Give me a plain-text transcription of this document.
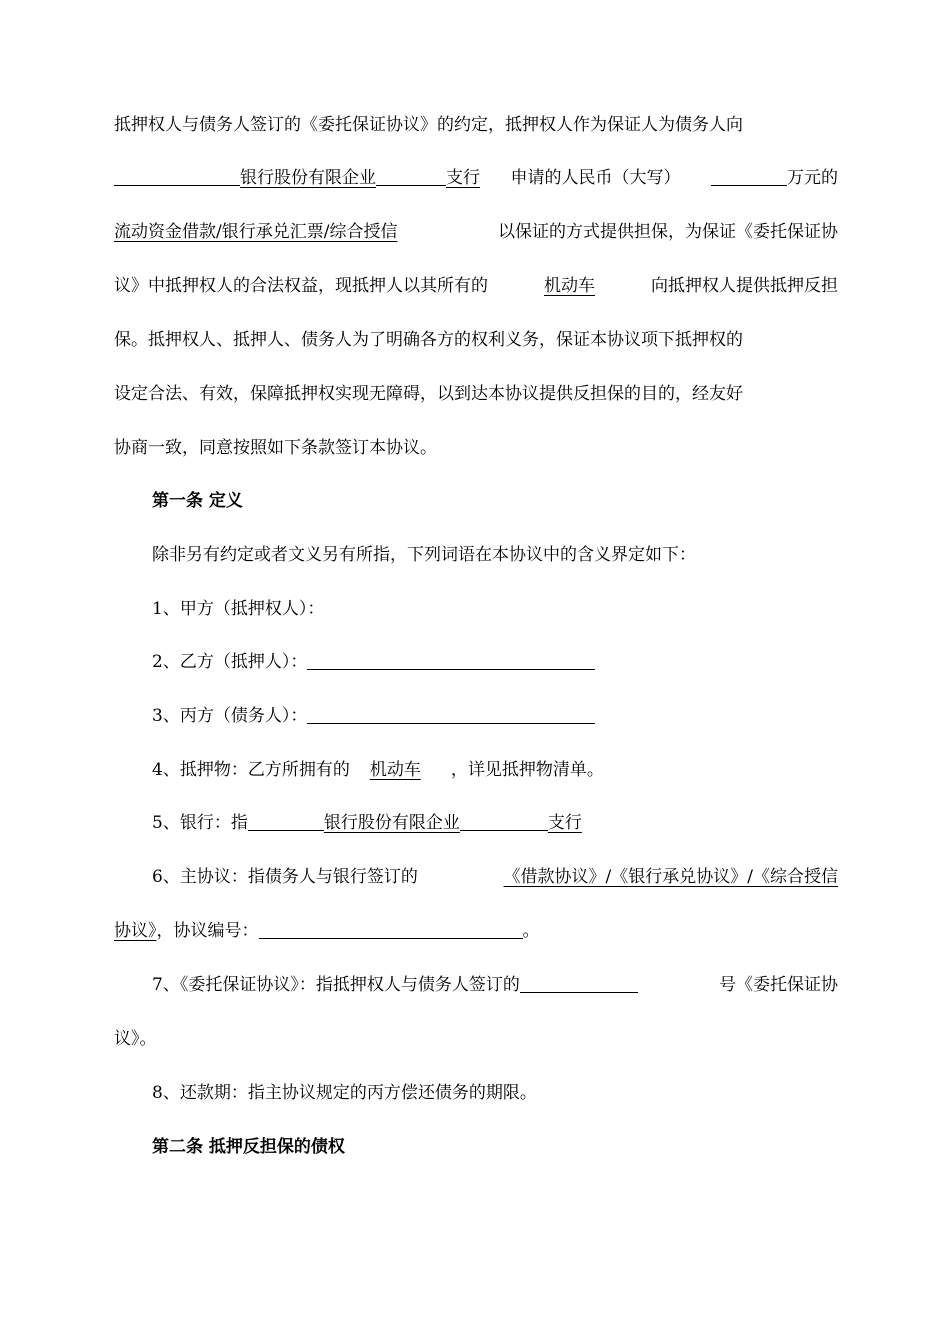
抵押权人与债务人签订的《委托保证协议》的约定，抵押权人作为保证人为债务人向
银行股份有限企业	支行 申请的人民币（大写）	万元的
流动资金借款/银行承兑汇票/综合授信	以保证的方式提供担保，为保证《委托保证协
议》中抵押权人的合法权益，现抵押人以其所有的	机动车	向抵押权人提供抵押反担
保。抵押权人、抵押人、债务人为了明确各方的权利义务，保证本协议项下抵押权的
设定合法、有效，保障抵押权实现无障碍，以到达本协议提供反担保的目的，经友好
协商一致，同意按照如下条款签订本协议。
第一条 定义
除非另有约定或者文义另有所指，下列词语在本协议中的含义界定如下：
1、甲方（抵押权人）：
2、乙方（抵押人）：
3、丙方（债务人）：
4、抵押物：乙方所拥有的 机动车 ，详见抵押物清单。
5、银行：指	银行股份有限企业	支行
6、主协议：指债务人与银行签订的	《借款协议》/《银行承兑协议》/《综合授信
协议》，协议编号：	。
7、《委托保证协议》：指抵押权人与债务人签订的	号《委托保证协
议》。
8、还款期：指主协议规定的丙方偿还债务的期限。
第二条 抵押反担保的债权
